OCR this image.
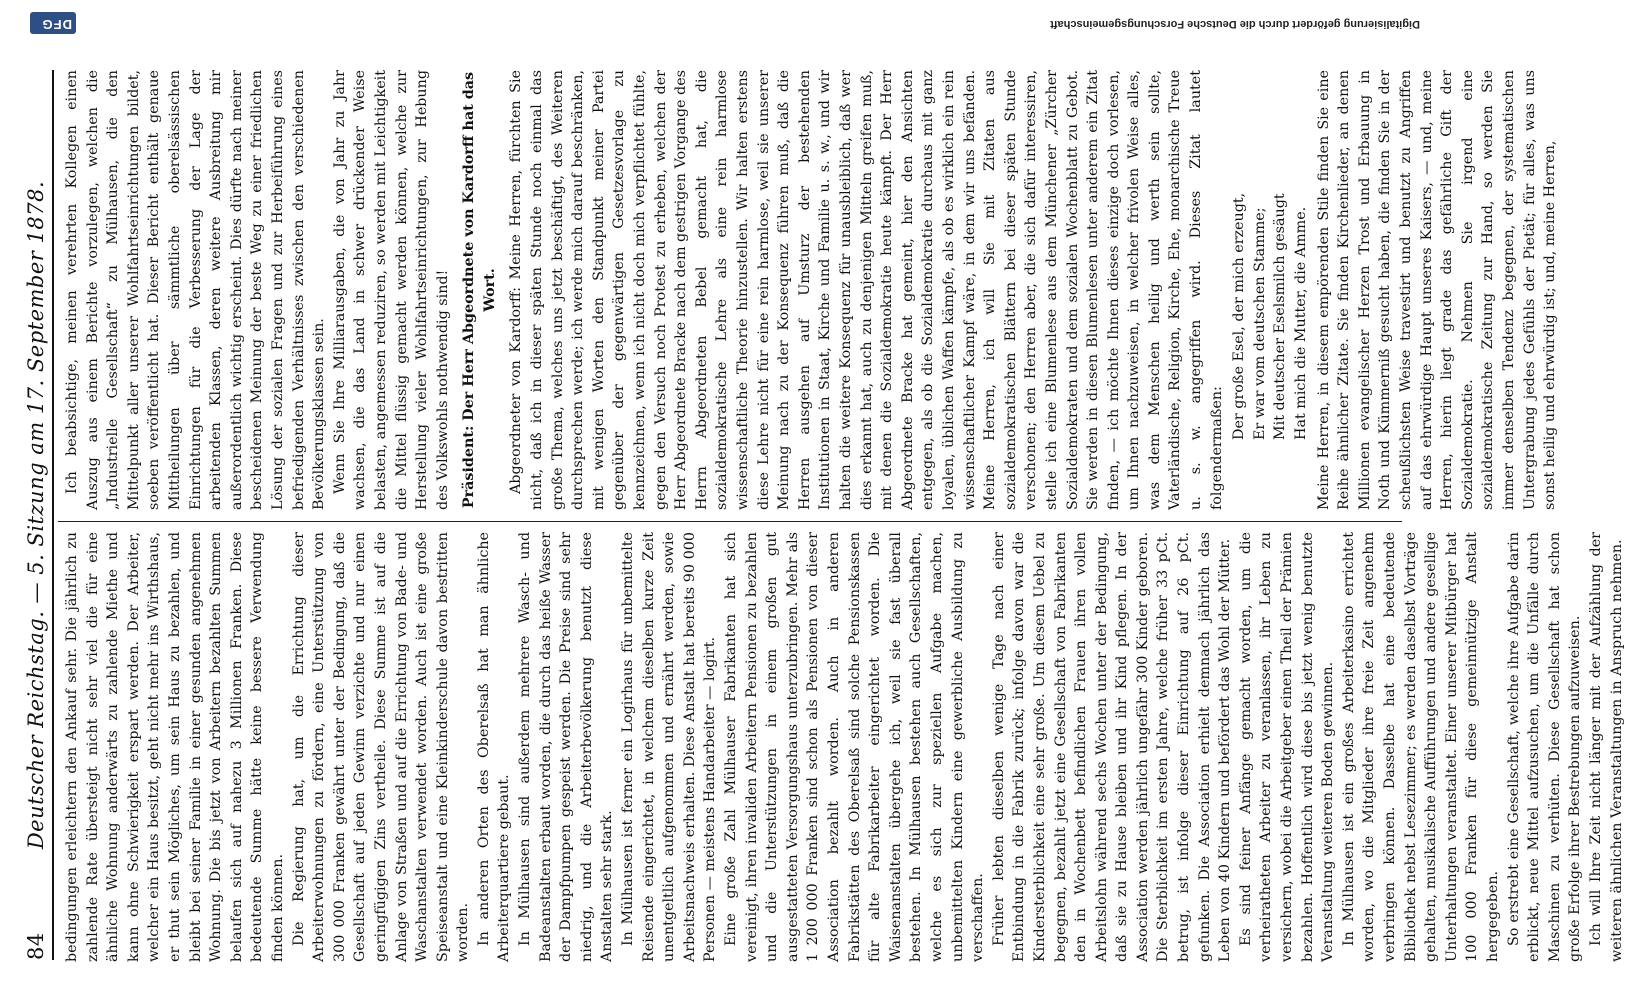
84
Deutscher Reichstag. — 5. Sitzung am 17. September 1878. bedingungen erleichtern den Ankauf sehr. Die jährlich zu zahlende Rate übersteigt nicht sehr viel die für eine ähnliche Wohnung anderwärts zu zahlende Miethe und kann ohne Schwierigkeit erspart werden. Der Arbeiter, welcher ein Haus besitzt, geht nicht mehr ins Wirthshaus, er thut sein Mögliches, um sein Haus zu bezahlen, und bleibt bei seiner Familie in einer gesunden angenehmen Wohnung. Die bis jetzt von Arbeitern bezahlten Summen belaufen sich auf nahezu 3 Millionen Franken. Diese bedeutende Summe hätte keine bessere Verwendung finden können. Die Regierung hat, um die Errichtung dieser Arbeiterwohnungen zu fördern, eine Unterstützung von 300 000 Franken gewährt unter der Bedingung, daß die Gesellschaft auf jeden Gewinn verzichte und nur einen geringfügigen Zins vertheile. Diese Summe ist auf die Anlage von Straßen und auf die Errichtung von Bade- und Waschanstalten verwendet worden. Auch ist eine große Speiseanstalt und eine Kleinkinderschule davon bestritten worden. In anderen Orten des Oberelsaß hat man ähnliche Arbeiterquartiere gebaut. In Mülhausen sind außerdem mehrere Wasch- und Badeanstalten erbaut worden, die durch das heiße Wasser der Dampfpumpen gespeist werden. Die Preise sind sehr niedrig, und die Arbeiterbevölkerung benutzt diese Anstalten sehr stark. In Mülhausen ist ferner ein Logirhaus für unbemittelte Reisende eingerichtet, in welchem dieselben kurze Zeit unentgeltlich aufgenommen und ernährt werden, sowie Arbeitsnachweis erhalten. Diese Anstalt hat bereits 90 000 Personen — meistens Handarbeiter — logirt. Eine große Zahl Mülhauser Fabrikanten hat sich vereinigt, ihren invaliden Arbeitern Pensionen zu bezahlen und die Unterstützungen in einem großen gut ausgestatteten Versorgungshaus unterzubringen. Mehr als 1 200 000 Franken sind schon als Pensionen von dieser Association bezahlt worden. Auch in anderen Fabrikstätten des Oberelsaß sind solche Pensionskassen für alte Fabrikarbeiter eingerichtet worden. Die Waisenanstalten übergehe ich, weil sie fast überall bestehen. In Mülhausen bestehen auch Gesellschaften, welche es sich zur speziellen Aufgabe machen, unbemittelten Kindern eine gewerbliche Ausbildung zu verschaffen. Früher lebten dieselben wenige Tage nach einer Entbindung in die Fabrik zurück; infolge davon war die Kindersterblichkeit eine sehr große. Um diesem Uebel zu begegnen, bezahlt jetzt eine Gesellschaft von Fabrikanten den in Wochenbett befindlichen Frauen ihren vollen Arbeitslohn während sechs Wochen unter der Bedingung, daß sie zu Hause bleiben und ihr Kind pflegen. In der Association werden jährlich ungefähr 300 Kinder geboren. Die Sterblichkeit im ersten Jahre, welche früher 33 pCt. betrug, ist infolge dieser Einrichtung auf 26 pCt. gefunken. Die Association erhielt demnach jährlich das Leben von 40 Kindern und befördert das Wohl der Mütter. Es sind feiner Anfänge gemacht worden, um die verheiratheten Arbeiter zu veranlassen, ihr Leben zu versichern, wobei die Arbeitgeber einen Theil der Prämien bezahlen. Hoffentlich wird diese bis jetzt wenig benutzte Veranstaltung weiteren Boden gewinnen. In Mülhausen ist ein großes Arbeiterkasino errichtet worden, wo die Mitglieder ihre freie Zeit angenehm verbringen können. Dasselbe hat eine bedeutende Bibliothek nebst Lesezimmer; es werden daselbst Vorträge gehalten, musikalische Aufführungen und andere gesellige Unterhaltungen veranstaltet. Einer unserer Mitbürger hat 100 000 Franken für diese gemeinnützige Anstalt hergegeben. So erstrebt eine Gesellschaft, welche ihre Aufgabe darin erblickt, neue Mittel aufzusuchen, um die Unfälle durch Maschinen zu verhüten. Diese Gesellschaft hat schon große Erfolge ihrer Bestrebungen aufzuweisen. Ich will Ihre Zeit nicht länger mit der Aufzählung der weiteren ähnlichen Veranstaltungen in Anspruch nehmen.

Ich beabsichtige, meinen verehrten Kollegen einen Auszug aus einem Berichte vorzulegen, welchen die „Industrielle Gesellschaft“ zu Mülhausen, die den Mittelpunkt aller unserer Wohlfahrtseinrichtungen bildet, soeben veröffentlicht hat. Dieser Bericht enthält genaue Mittheilungen über sämmtliche oberelsässischen Einrichtungen für die Verbesserung der Lage der arbeitenden Klassen, deren weitere Ausbreitung mir außerordentlich wichtig erscheint. Dies dürfte nach meiner bescheidenen Meinung der beste Weg zu einer friedlichen Lösung der sozialen Fragen und zur Herbeiführung eines befriedigenden Verhältnisses zwischen den verschiedenen Bevölkerungsklassen sein. Wenn Sie Ihre Milliarausgaben, die von Jahr zu Jahr wachsen, die das Land in schwer drückender Weise belasten, angemessen reduziren, so werden mit Leichtigkeit die Mittel flüssig gemacht werden können, welche zur Herstellung vieler Wohlfahrtseinrichtungen, zur Hebung des Volkswohls nothwendig sind! Präsident: Der Herr Abgeordnete von Kardorff hat das Wort. Abgeordneter von Kardorff: Meine Herren, fürchten Sie nicht, daß ich in dieser späten Stunde noch einmal das große Thema, welches uns jetzt beschäftigt, des Weiteren durchsprechen werde; ich werde mich darauf beschränken, mit wenigen Worten den Standpunkt meiner Partei gegenüber der gegenwärtigen Gesetzesvorlage zu kennzeichnen, wenn ich nicht doch mich verpflichtet fühlte, gegen den Versuch noch Protest zu erheben, welchen der Herr Abgeordnete Bracke nach dem gestrigen Vorgange des Herrn Abgeordneten Bebel gemacht hat, die sozialdemokratische Lehre als eine rein harmlose wissenschaftliche Theorie hinzustellen. Wir halten erstens diese Lehre nicht für eine rein harmlose, weil sie unserer Meinung nach zu der Konsequenz führen muß, daß die Herren ausgehen auf Umsturz der bestehenden Institutionen in Staat, Kirche und Familie u. s. w., und wir halten die weitere Konsequenz für unausbleiblich, daß wer dies erkannt hat, auch zu denjenigen Mitteln greifen muß, mit denen die Sozialdemokratie heute kämpft. Der Herr Abgeordnete Bracke hat gemeint, hier den Ansichten entgegen, als ob die Sozialdemokratie durchaus mit ganz loyalen, üblichen Waffen kämpfe, als ob es wirklich ein rein wissenschaftlicher Kampf wäre, in dem wir uns befänden. Meine Herren, ich will Sie mit Zitaten aus sozialdemokratischen Blättern bei dieser späten Stunde verschonen; den Herren aber, die sich dafür interessiren, stelle ich eine Blumenlese aus dem Münchener „Zürcher Sozialdemokraten und dem sozialen Wochenblatt zu Gebot. Sie werden in diesen Blumenlesen unter anderem ein Zitat finden, — ich möchte Ihnen dieses einzige doch vorlesen, um Ihnen nachzuweisen, in welcher frivolen Weise alles, was dem Menschen heilig und werth sein sollte, Vaterländische, Religion, Kirche, Ehe, monarchische Treue u. s. w. angegriffen wird. Dieses Zitat lautet folgendermaßen:

Der große Esel, der mich erzeugt, Er war vom deutschen Stamme; Mit deutscher Eselsmilch gesäugt Hat mich die Mutter, die Amme. Meine Herren, in diesem empörenden Stile finden Sie eine Reihe ähnlicher Zitate. Sie finden Kirchenlieder, an denen Millionen evangelischer Herzen Trost und Erbauung in Noth und Kümmerniß gesucht haben, die finden Sie in der scheußlichsten Weise travestirt und benutzt zu Angriffen auf das ehrwürdige Haupt unseres Kaisers, — und, meine Herren, hierin liegt grade das gefährliche Gift der Sozialdemokratie. Nehmen Sie irgend eine sozialdemokratische Zeitung zur Hand, so werden Sie immer denselben Tendenz begegnen, der systematischen Untergrabung jedes Gefühls der Pietät; für alles, was uns sonst heilig und ehrwürdig ist; und, meine Herren,

DFG	Digitalisierung gefördert durch die Deutsche Forschungsgemeinschaft
